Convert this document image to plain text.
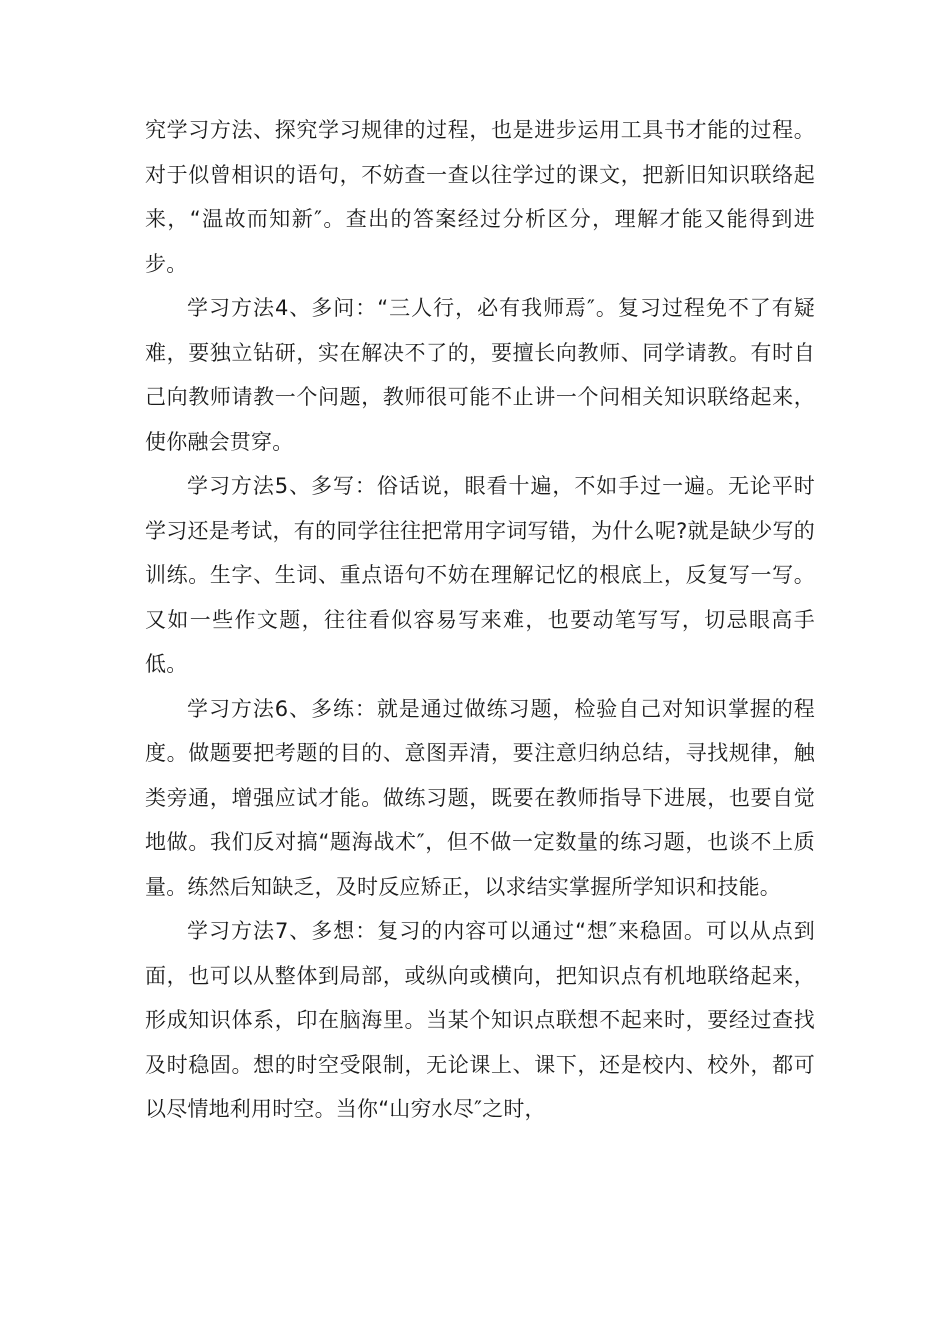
究学习方法、探究学习规律的过程，也是进步运用工具书才能的过程。对于似曾相识的语句，不妨查一查以往学过的课文，把新旧知识联络起来，“温故而知新″。查出的答案经过分析区分，理解才能又能得到进步。

学习方法4、多问：“三人行，必有我师焉″。复习过程免不了有疑难，要独立钻研，实在解决不了的，要擅长向教师、同学请教。有时自己向教师请教一个问题，教师很可能不止讲一个问相关知识联络起来，使你融会贯穿。

学习方法5、多写：俗话说，眼看十遍，不如手过一遍。无论平时学习还是考试，有的同学往往把常用字词写错，为什么呢?就是缺少写的训练。生字、生词、重点语句不妨在理解记忆的根底上，反复写一写。又如一些作文题，往往看似容易写来难，也要动笔写写，切忌眼高手低。

学习方法6、多练：就是通过做练习题，检验自己对知识掌握的程度。做题要把考题的目的、意图弄清，要注意归纳总结，寻找规律，触类旁通，增强应试才能。做练习题，既要在教师指导下进展，也要自觉地做。我们反对搞“题海战术″，但不做一定数量的练习题，也谈不上质量。练然后知缺乏，及时反应矫正，以求结实掌握所学知识和技能。

学习方法7、多想：复习的内容可以通过“想″来稳固。可以从点到面，也可以从整体到局部，或纵向或横向，把知识点有机地联络起来，形成知识体系，印在脑海里。当某个知识点联想不起来时，要经过查找及时稳固。想的时空受限制，无论课上、课下，还是校内、校外，都可以尽情地利用时空。当你“山穷水尽″之时，
